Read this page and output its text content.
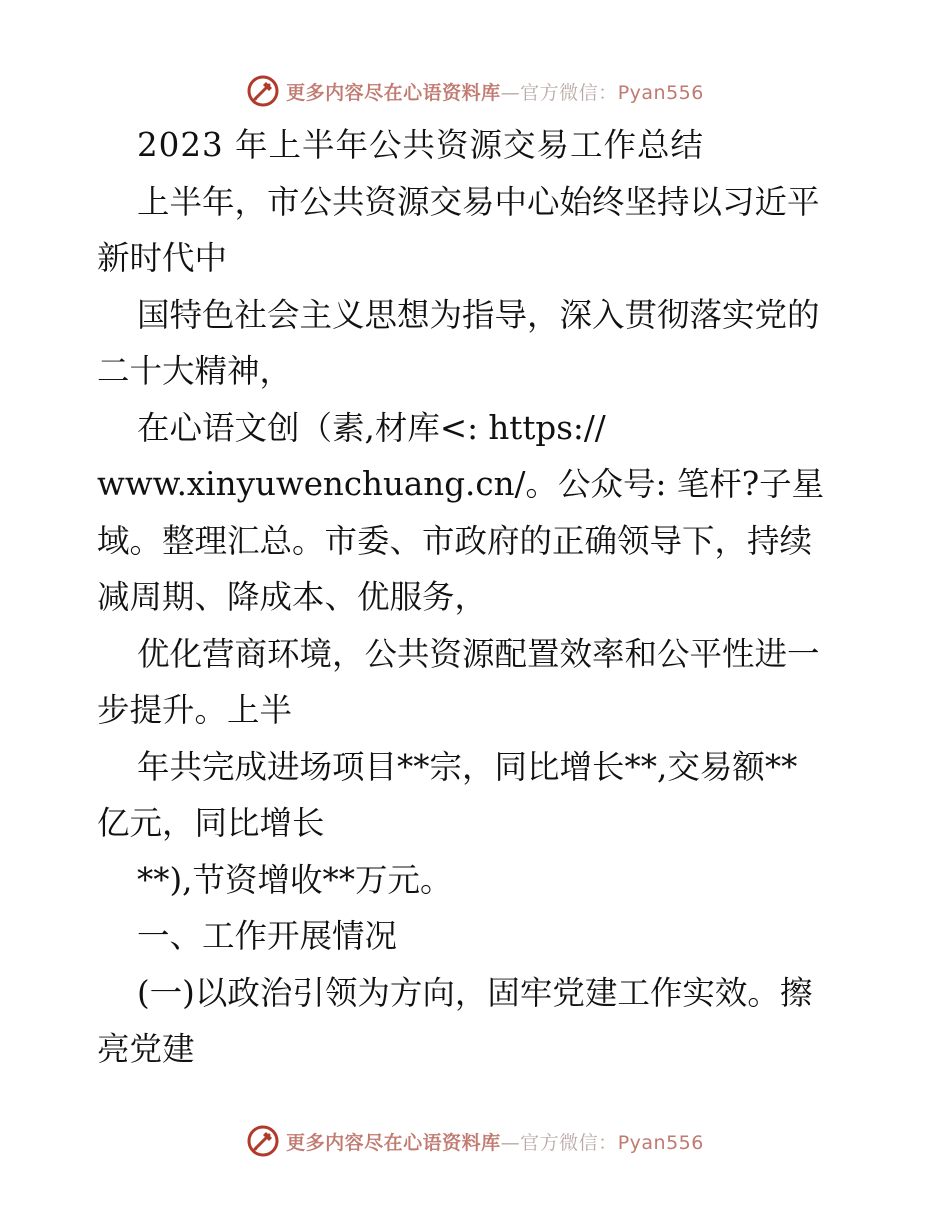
更多内容尽在心语资料库—官方微信：Pyan556
2023 年上半年公共资源交易工作总结
上半年，市公共资源交易中心始终坚持以习近平
新时代中
国特色社会主义思想为指导，深入贯彻落实党的
二十大精神，
在心语文创（素,材库<: https://
www.xinyuwenchuang.cn/。公众号: 笔杆?子星
域。整理汇总。市委、市政府的正确领导下，持续
减周期、降成本、优服务，
优化营商环境，公共资源配置效率和公平性进一
步提升。上半
年共完成进场项目**宗，同比增长**,交易额**
亿元，同比增长
**),节资增收**万元。
一、工作开展情况
(一)以政治引领为方向，固牢党建工作实效。擦
亮党建
更多内容尽在心语资料库—官方微信：Pyan556
